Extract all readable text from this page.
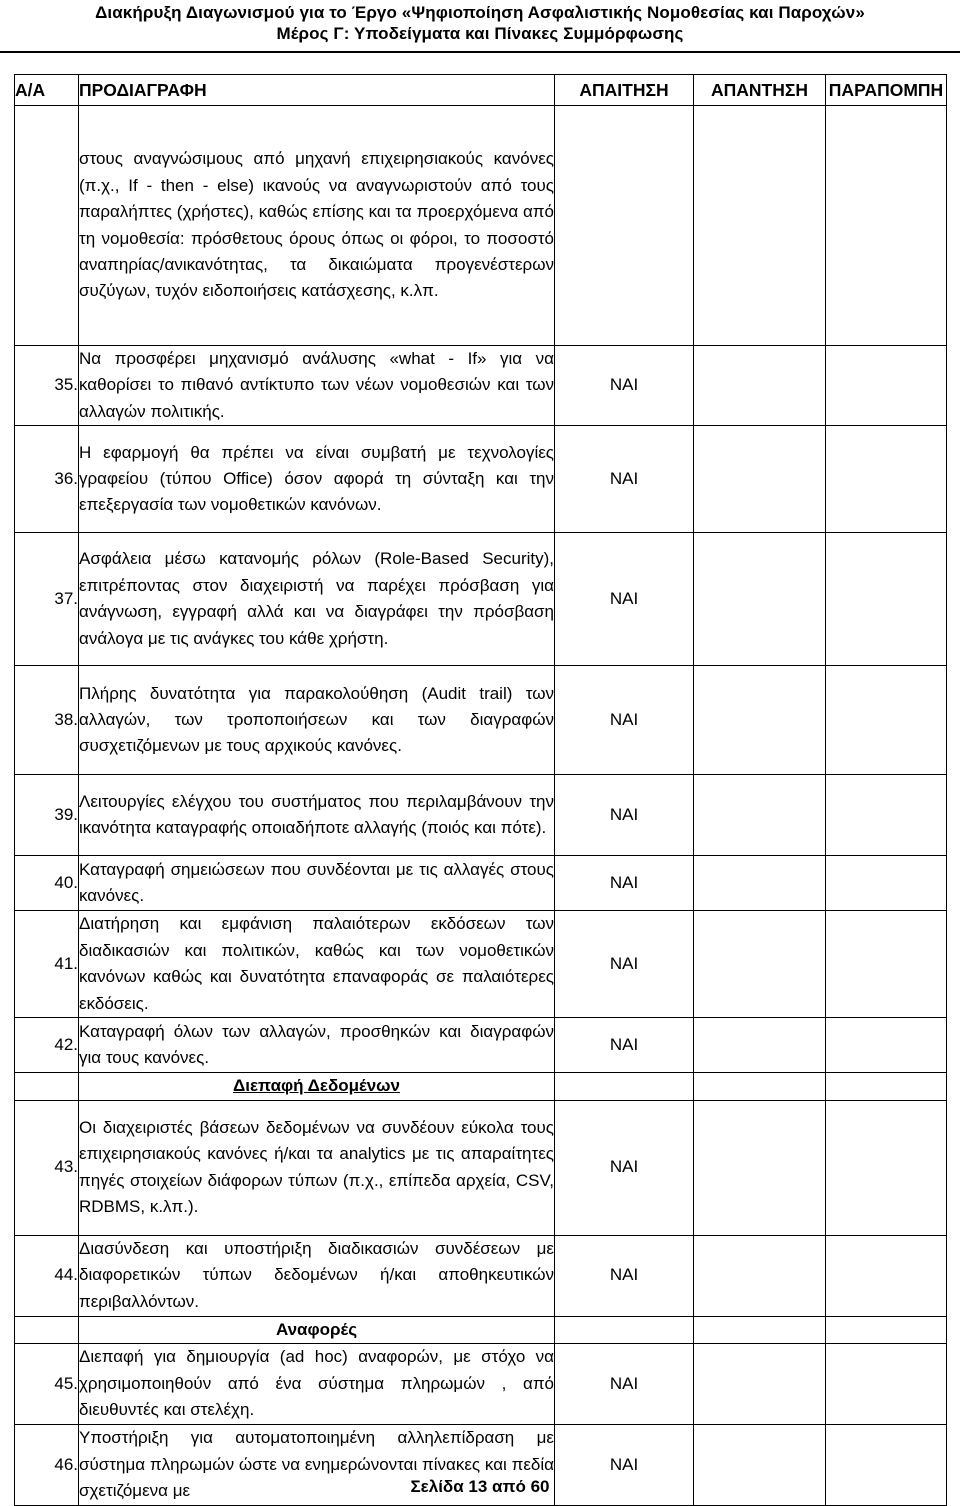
Διακήρυξη Διαγωνισμού για το Έργο «Ψηφιοποίηση Ασφαλιστικής Νομοθεσίας και Παροχών»
Μέρος Γ: Υποδείγματα και Πίνακες Συμμόρφωσης
Α/Α	ΠΡΟΔΙΑΓΡΑΦΗ	ΑΠΑΙΤΗΣΗ	ΑΠΑΝΤΗΣΗ	ΠΑΡΑΠΟΜΠΗ
	στους αναγνώσιμους από μηχανή επιχειρησιακούς κανόνες (π.χ., If - then - else) ικανούς να αναγνωριστούν από τους παραλήπτες (χρήστες), καθώς επίσης και τα προερχόμενα από τη νομοθεσία: πρόσθετους όρους όπως οι φόροι, το ποσοστό αναπηρίας/ανικανότητας, τα δικαιώματα προγενέστερων συζύγων, τυχόν ειδοποιήσεις κατάσχεσης, κ.λπ.			
35.	Να προσφέρει μηχανισμό ανάλυσης «what - If» για να καθορίσει το πιθανό αντίκτυπο των νέων νομοθεσιών και των αλλαγών πολιτικής.	ΝΑΙ		
36.	Η εφαρμογή θα πρέπει να είναι συμβατή με τεχνολογίες γραφείου (τύπου Office) όσον αφορά τη σύνταξη και την επεξεργασία των νομοθετικών κανόνων.	ΝΑΙ		
37.	Ασφάλεια μέσω κατανομής ρόλων (Role-Based Security), επιτρέποντας στον διαχειριστή να παρέχει πρόσβαση για ανάγνωση, εγγραφή αλλά και να διαγράφει την πρόσβαση ανάλογα με τις ανάγκες του κάθε χρήστη.	ΝΑΙ		
38.	Πλήρης δυνατότητα για παρακολούθηση (Audit trail) των αλλαγών, των τροποποιήσεων και των διαγραφών συσχετιζόμενων με τους αρχικούς κανόνες.	ΝΑΙ		
39.	Λειτουργίες ελέγχου του συστήματος που περιλαμβάνουν την ικανότητα καταγραφής οποιαδήποτε αλλαγής (ποιός και πότε).	ΝΑΙ		
40.	Καταγραφή σημειώσεων που συνδέονται με τις αλλαγές στους κανόνες.	ΝΑΙ		
41.	Διατήρηση και εμφάνιση παλαιότερων εκδόσεων των διαδικασιών και πολιτικών, καθώς και των νομοθετικών κανόνων καθώς και δυνατότητα επαναφοράς σε παλαιότερες εκδόσεις.	ΝΑΙ		
42.	Καταγραφή όλων των αλλαγών, προσθηκών και διαγραφών για τους κανόνες.	ΝΑΙ		
	Διεπαφή Δεδομένων			
43.	Οι διαχειριστές βάσεων δεδομένων να συνδέουν εύκολα τους επιχειρησιακούς κανόνες ή/και τα analytics με τις απαραίτητες πηγές στοιχείων διάφορων τύπων (π.χ., επίπεδα αρχεία, CSV, RDBMS, κ.λπ.).	ΝΑΙ		
44.	Διασύνδεση και υποστήριξη διαδικασιών συνδέσεων με διαφορετικών τύπων δεδομένων ή/και αποθηκευτικών περιβαλλόντων.	ΝΑΙ		
	Αναφορές			
45.	Διεπαφή για δημιουργία (ad hoc) αναφορών, με στόχο να χρησιμοποιηθούν από ένα σύστημα πληρωμών , από διευθυντές και στελέχη.	ΝΑΙ		
46.	Υποστήριξη για αυτοματοποιημένη αλληλεπίδραση με σύστημα πληρωμών ώστε να ενημερώνονται πίνακες και πεδία σχετιζόμενα με	ΝΑΙ		
Σελίδα 13 από 60
